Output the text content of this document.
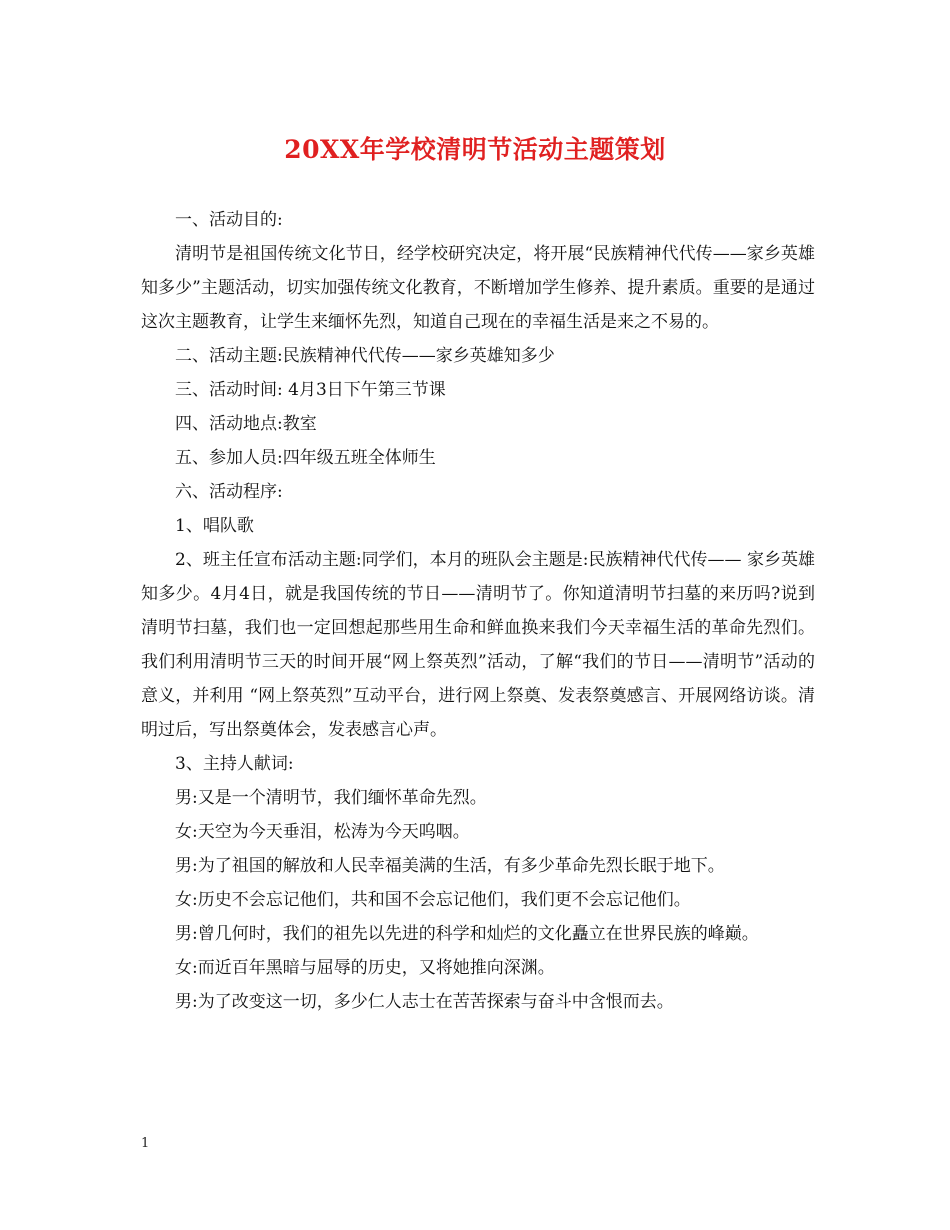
20XX年学校清明节活动主题策划

一、活动目的:

清明节是祖国传统文化节日，经学校研究决定，将开展“民族精神代代传——家乡英雄知多少”主题活动，切实加强传统文化教育，不断增加学生修养、提升素质。重要的是通过这次主题教育，让学生来缅怀先烈，知道自己现在的幸福生活是来之不易的。

二、活动主题:民族精神代代传——家乡英雄知多少

三、活动时间: 4月3日下午第三节课

四、活动地点:教室

五、参加人员:四年级五班全体师生

六、活动程序:

1、唱队歌

2、班主任宣布活动主题:同学们，本月的班队会主题是:民族精神代代传—— 家乡英雄知多少。4月4日，就是我国传统的节日——清明节了。你知道清明节扫墓的来历吗?说到清明节扫墓，我们也一定回想起那些用生命和鲜血换来我们今天幸福生活的革命先烈们。我们利用清明节三天的时间开展“网上祭英烈”活动，了解“我们的节日——清明节”活动的意义，并利用 “网上祭英烈”互动平台，进行网上祭奠、发表祭奠感言、开展网络访谈。清明过后，写出祭奠体会，发表感言心声。

3、主持人献词:

男:又是一个清明节，我们缅怀革命先烈。

女:天空为今天垂泪，松涛为今天呜咽。

男:为了祖国的解放和人民幸福美满的生活，有多少革命先烈长眠于地下。

女:历史不会忘记他们，共和国不会忘记他们，我们更不会忘记他们。

男:曾几何时，我们的祖先以先进的科学和灿烂的文化矗立在世界民族的峰巅。

女:而近百年黑暗与屈辱的历史，又将她推向深渊。

男:为了改变这一切，多少仁人志士在苦苦探索与奋斗中含恨而去。

1
